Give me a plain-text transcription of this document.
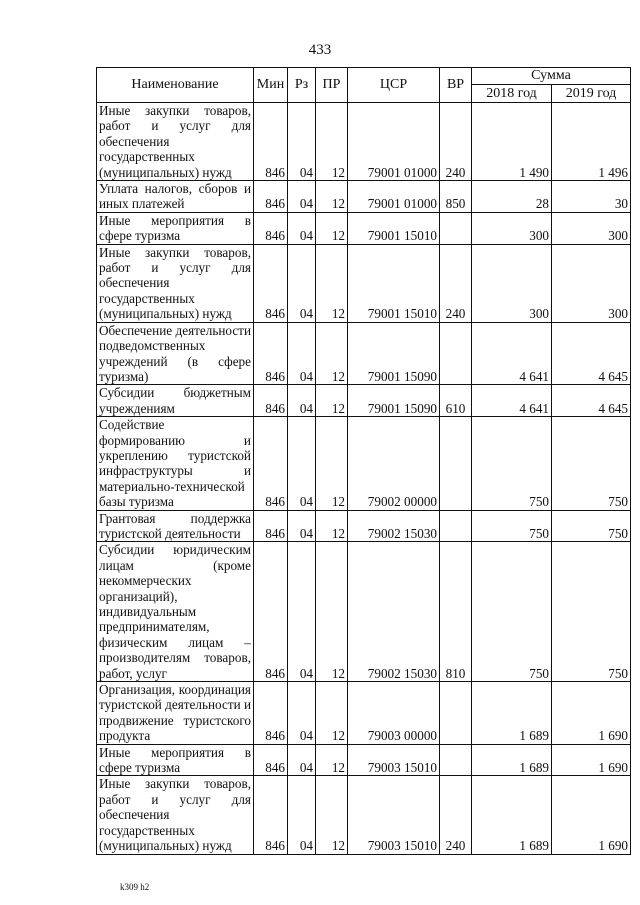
433
Наименование	Мин	Рз	ПР	ЦСР	ВР	Сумма	
						2018 год	2019 год
Иные закупки товаров, работ и услуг для обеспечения государственных (муниципальных) нужд	846	04	12	79001 01000	240	1 490	1 496
Уплата налогов, сборов и иных платежей	846	04	12	79001 01000	850	28	30
Иные мероприятия в сфере туризма	846	04	12	79001 15010		300	300
Иные закупки товаров, работ и услуг для обеспечения государственных (муниципальных) нужд	846	04	12	79001 15010	240	300	300
Обеспечение деятельности подведомственных учреждений (в сфере туризма)	846	04	12	79001 15090		4 641	4 645
Субсидии бюджетным учреждениям	846	04	12	79001 15090	610	4 641	4 645
Содействие формированию и укреплению туристской инфраструктуры и материально-технической базы туризма	846	04	12	79002 00000		750	750
Грантовая поддержка туристской деятельности	846	04	12	79002 15030		750	750
Субсидии юридическим лицам (кроме некоммерческих организаций), индивидуальным предпринимателям, физическим лицам – производителям товаров, работ, услуг	846	04	12	79002 15030	810	750	750
Организация, координация туристской деятельности и продвижение туристского продукта	846	04	12	79003 00000		1 689	1 690
Иные мероприятия в сфере туризма	846	04	12	79003 15010		1 689	1 690
Иные закупки товаров, работ и услуг для обеспечения государственных (муниципальных) нужд	846	04	12	79003 15010	240	1 689	1 690
k309 h2
